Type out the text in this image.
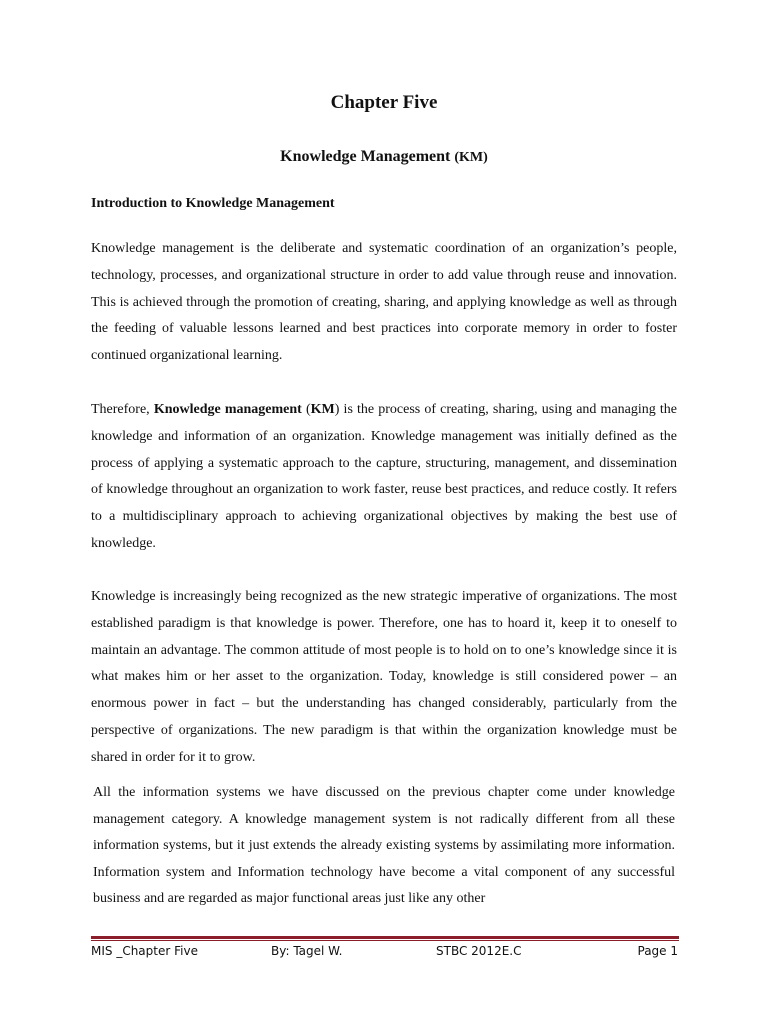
Chapter Five
Knowledge Management (KM)
Introduction to Knowledge Management

Knowledge management is the deliberate and systematic coordination of an organization’s people, technology, processes, and organizational structure in order to add value through reuse and innovation. This is achieved through the promotion of creating, sharing, and applying knowledge as well as through the feeding of valuable lessons learned and best practices into corporate memory in order to foster continued organizational learning.

Therefore, Knowledge management (KM) is the process of creating, sharing, using and managing the knowledge and information of an organization. Knowledge management was initially defined as the process of applying a systematic approach to the capture, structuring, management, and dissemination of knowledge throughout an organization to work faster, reuse best practices, and reduce costly. It refers to a multidisciplinary approach to achieving organizational objectives by making the best use of knowledge.

Knowledge is increasingly being recognized as the new strategic imperative of organizations. The most established paradigm is that knowledge is power. Therefore, one has to hoard it, keep it to oneself to maintain an advantage. The common attitude of most people is to hold on to one’s knowledge since it is what makes him or her asset to the organization. Today, knowledge is still considered power – an enormous power in fact – but the understanding has changed considerably, particularly from the perspective of organizations. The new paradigm is that within the organization knowledge must be shared in order for it to grow.

All the information systems we have discussed on the previous chapter come under knowledge management category. A knowledge management system is not radically different from all these information systems, but it just extends the already existing systems by assimilating more information. Information system and Information technology have become a vital component of any successful business and are regarded as major functional areas just like any other

MIS _Chapter Five	By: Tagel W.	STBC 2012E.C	Page 1
